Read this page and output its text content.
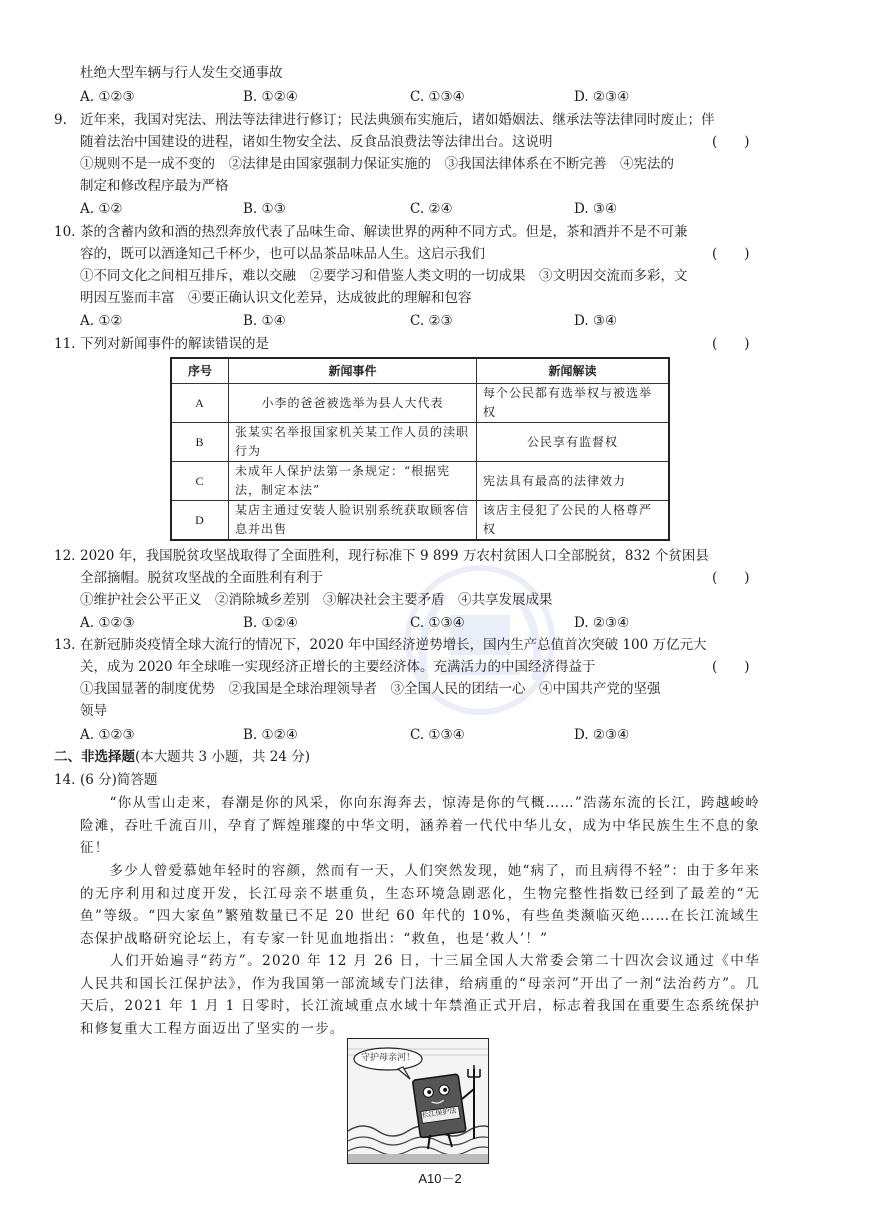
杜绝大型车辆与行人发生交通事故
A. ①②③	B. ①②④	C. ①③④	D. ②③④
9. 近年来，我国对宪法、刑法等法律进行修订；民法典颁布实施后，诸如婚姻法、继承法等法律同时废止；伴
随着法治中国建设的进程，诸如生物安全法、反食品浪费法等法律出台。这说明	(　　)
①规则不是一成不变的　②法律是由国家强制力保证实施的　③我国法律体系在不断完善　④宪法的
制定和修改程序最为严格
A. ①②	B. ①③	C. ②④	D. ③④
10. 茶的含蓄内敛和酒的热烈奔放代表了品味生命、解读世界的两种不同方式。但是，茶和酒并不是不可兼
容的，既可以酒逢知己千杯少，也可以品茶品味品人生。这启示我们	(　　)
①不同文化之间相互排斥，难以交融　②要学习和借鉴人类文明的一切成果　③文明因交流而多彩，文
明因互鉴而丰富　④要正确认识文化差异，达成彼此的理解和包容
A. ①②	B. ①④	C. ②③	D. ③④
11. 下列对新闻事件的解读错误的是	(　　)
序号	新闻事件	新闻解读
A	小李的爸爸被选举为县人大代表	每个公民都有选举权与被选举权
B	张某实名举报国家机关某工作人员的渎职行为	公民享有监督权
C	未成年人保护法第一条规定：“根据宪法，制定本法”	宪法具有最高的法律效力
D	某店主通过安装人脸识别系统获取顾客信息并出售	该店主侵犯了公民的人格尊严权
12. 2020 年，我国脱贫攻坚战取得了全面胜利，现行标准下 9 899 万农村贫困人口全部脱贫，832 个贫困县
全部摘帽。脱贫攻坚战的全面胜利有利于	(　　)
①维护社会公平正义　②消除城乡差别　③解决社会主要矛盾　④共享发展成果
A. ①②③	B. ①②④	C. ①③④	D. ②③④
13. 在新冠肺炎疫情全球大流行的情况下，2020 年中国经济逆势增长，国内生产总值首次突破 100 万亿元大
关，成为 2020 年全球唯一实现经济正增长的主要经济体。充满活力的中国经济得益于	(　　)
①我国显著的制度优势　②我国是全球治理领导者　③全国人民的团结一心　④中国共产党的坚强
领导
A. ①②③	B. ①②④	C. ①③④	D. ②③④
二、非选择题(本大题共 3 小题，共 24 分)
14. (6 分)简答题
　　“你从雪山走来，春潮是你的风采，你向东海奔去，惊涛是你的气概……”浩荡东流的长江，跨越峻岭险滩，吞吐千流百川，孕育了辉煌璀璨的中华文明，涵养着一代代中华儿女，成为中华民族生生不息的象征！
　　多少人曾爱慕她年轻时的容颜，然而有一天，人们突然发现，她“病了，而且病得不轻”：由于多年来的无序利用和过度开发，长江母亲不堪重负，生态环境急剧恶化，生物完整性指数已经到了最差的“无鱼”等级。“四大家鱼”繁殖数量已不足 20 世纪 60 年代的 10%，有些鱼类濒临灭绝……在长江流域生态保护战略研究论坛上，有专家一针见血地指出：“救鱼，也是‘救人’！”
　　人们开始遍寻“药方”。2020 年 12 月 26 日，十三届全国人大常委会第二十四次会议通过《中华人民共和国长江保护法》，作为我国第一部流域专门法律，给病重的“母亲河”开出了一剂“法治药方”。几天后，2021 年 1 月 1 日零时，长江流域重点水域十年禁渔正式开启，标志着我国在重要生态系统保护和修复重大工程方面迈出了坚实的一步。
守护母亲河！
长江保护法
A10－2
